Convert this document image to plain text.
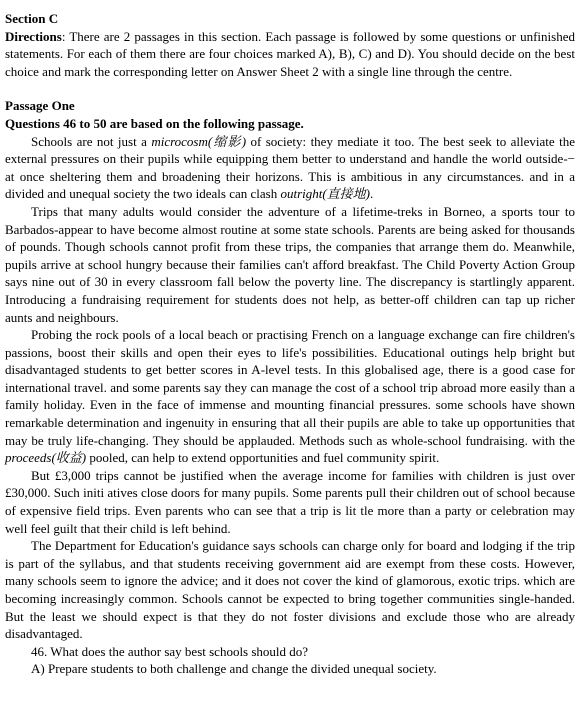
Section C
Directions: There are 2 passages in this section. Each passage is followed by some questions or unfinished statements. For each of them there are four choices marked A), B), C) and D). You should decide on the best choice and mark the corresponding letter on Answer Sheet 2 with a single line through the centre.
Passage One
Questions 46 to 50 are based on the following passage.

Schools are not just a microcosm(缩影) of society: they mediate it too. The best seek to alleviate the external pressures on their pupils while equipping them better to understand and handle the world outside-− at once sheltering them and broadening their horizons. This is ambitious in any circumstances. and in a divided and unequal society the two ideals can clash outright(直接地).

Trips that many adults would consider the adventure of a lifetime-treks in Borneo, a sports tour to Barbados-appear to have become almost routine at some state schools. Parents are being asked for thousands of pounds. Though schools cannot profit from these trips, the companies that arrange them do. Meanwhile, pupils arrive at school hungry because their families can't afford breakfast. The Child Poverty Action Group says nine out of 30 in every classroom fall below the poverty line. The discrepancy is startlingly apparent. Introducing a fundraising requirement for students does not help, as better-off children can tap up richer aunts and neighbours.

Probing the rock pools of a local beach or practising French on a language exchange can fire children's passions, boost their skills and open their eyes to life's possibilities. Educational outings help bright but disadvantaged students to get better scores in A-level tests. In this globalised age, there is a good case for international travel. and some parents say they can manage the cost of a school trip abroad more easily than a family holiday. Even in the face of immense and mounting financial pressures. some schools have shown remarkable determination and ingenuity in ensuring that all their pupils are able to take up opportunities that may be truly life-changing. They should be applauded. Methods such as whole-school fundraising. with the proceeds(收益) pooled, can help to extend opportunities and fuel community spirit.

But £3,000 trips cannot be justified when the average income for families with children is just over £30,000. Such initi atives close doors for many pupils. Some parents pull their children out of school because of expensive field trips. Even parents who can see that a trip is lit tle more than a party or celebration may well feel guilt that their child is left behind.

The Department for Education's guidance says schools can charge only for board and lodging if the trip is part of the syllabus, and that students receiving government aid are exempt from these costs. However, many schools seem to ignore the advice; and it does not cover the kind of glamorous, exotic trips. which are becoming increasingly common. Schools cannot be expected to bring together communities single-handed. But the least we should expect is that they do not foster divisions and exclude those who are already disadvantaged.

46. What does the author say best schools should do?

A) Prepare students to both challenge and change the divided unequal society.
